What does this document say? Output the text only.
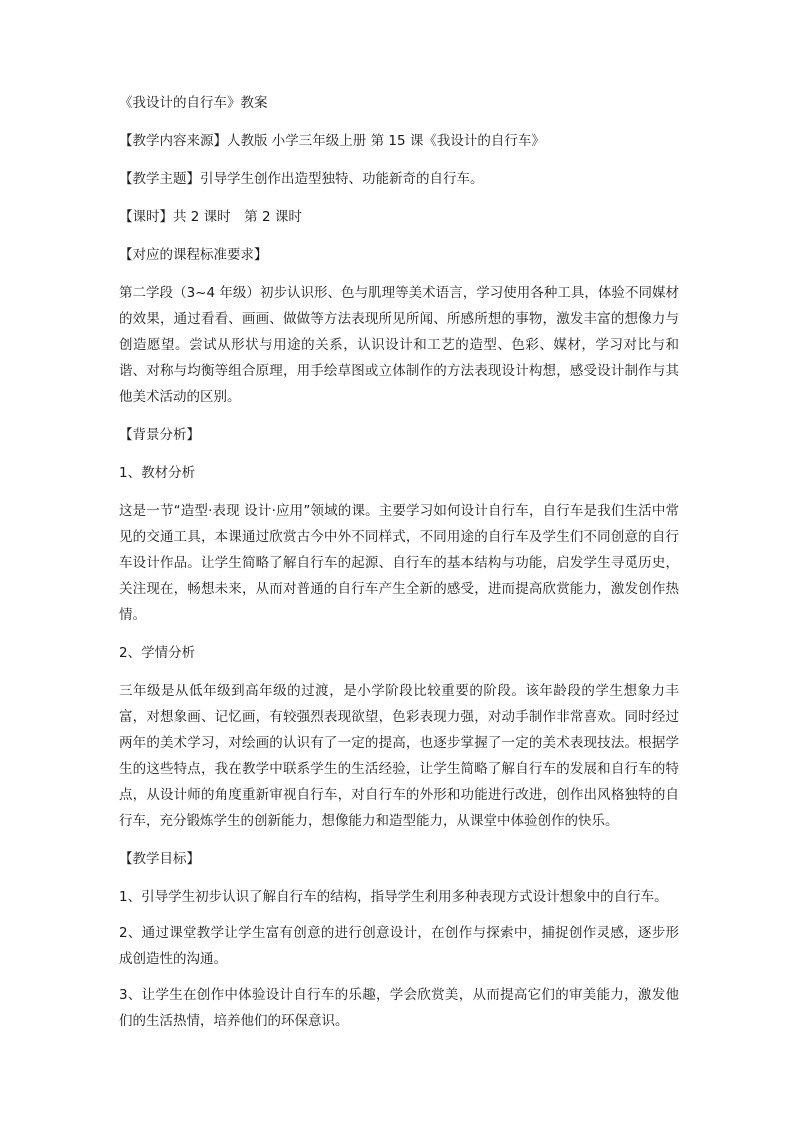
《我设计的自行车》教案

【教学内容来源】人教版 小学三年级上册 第 15 课《我设计的自行车》

【教学主题】引导学生创作出造型独特、功能新奇的自行车。

【课时】共 2 课时　第 2 课时

【对应的课程标准要求】

第二学段（3~4 年级）初步认识形、色与肌理等美术语言，学习使用各种工具，体验不同媒材的效果，通过看看、画画、做做等方法表现所见所闻、所感所想的事物，激发丰富的想像力与创造愿望。尝试从形状与用途的关系，认识设计和工艺的造型、色彩、媒材，学习对比与和谐、对称与均衡等组合原理，用手绘草图或立体制作的方法表现设计构想，感受设计制作与其他美术活动的区别。

【背景分析】

1、教材分析

这是一节“造型·表现 设计·应用”领域的课。主要学习如何设计自行车，自行车是我们生活中常见的交通工具，本课通过欣赏古今中外不同样式，不同用途的自行车及学生们不同创意的自行车设计作品。让学生简略了解自行车的起源、自行车的基本结构与功能，启发学生寻觅历史，关注现在，畅想未来，从而对普通的自行车产生全新的感受，进而提高欣赏能力，激发创作热情。

2、学情分析

三年级是从低年级到高年级的过渡，是小学阶段比较重要的阶段。该年龄段的学生想象力丰富，对想象画、记忆画，有较强烈表现欲望，色彩表现力强，对动手制作非常喜欢。同时经过两年的美术学习，对绘画的认识有了一定的提高，也逐步掌握了一定的美术表现技法。根据学生的这些特点，我在教学中联系学生的生活经验，让学生简略了解自行车的发展和自行车的特点，从设计师的角度重新审视自行车，对自行车的外形和功能进行改进，创作出风格独特的自行车，充分锻炼学生的创新能力，想像能力和造型能力，从课堂中体验创作的快乐。

【教学目标】

1、引导学生初步认识了解自行车的结构，指导学生利用多种表现方式设计想象中的自行车。

2、通过课堂教学让学生富有创意的进行创意设计，在创作与探索中，捕捉创作灵感，逐步形成创造性的沟通。

3、让学生在创作中体验设计自行车的乐趣，学会欣赏美，从而提高它们的审美能力，激发他们的生活热情，培养他们的环保意识。
